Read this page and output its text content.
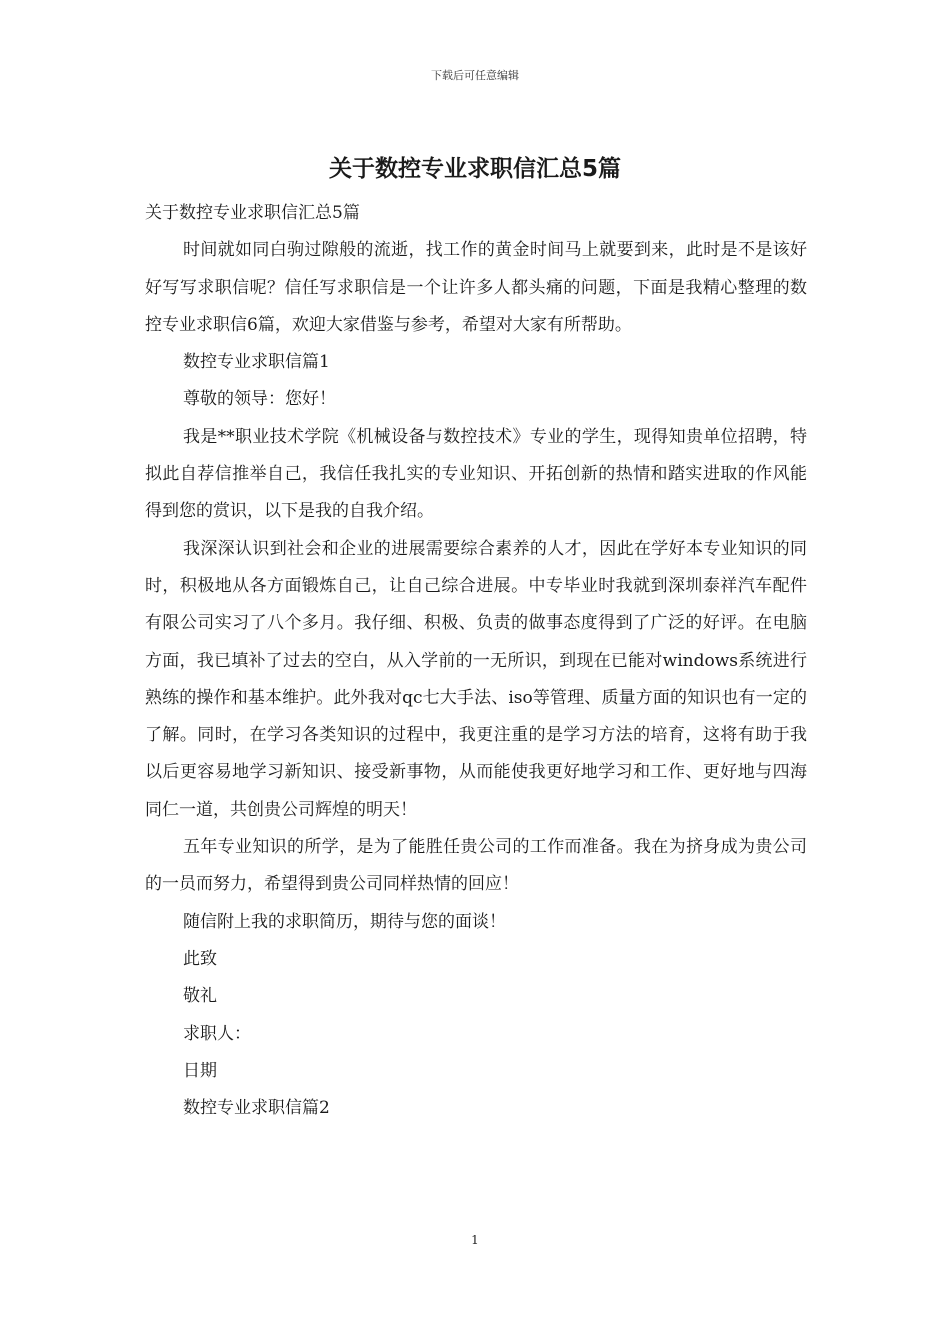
下载后可任意编辑
关于数控专业求职信汇总5篇

关于数控专业求职信汇总5篇

时间就如同白驹过隙般的流逝，找工作的黄金时间马上就要到来，此时是不是该好好写写求职信呢？信任写求职信是一个让许多人都头痛的问题，下面是我精心整理的数控专业求职信6篇，欢迎大家借鉴与参考，希望对大家有所帮助。

数控专业求职信篇1

尊敬的领导：您好！

我是**职业技术学院《机械设备与数控技术》专业的学生，现得知贵单位招聘，特拟此自荐信推举自己，我信任我扎实的专业知识、开拓创新的热情和踏实进取的作风能得到您的赏识，以下是我的自我介绍。

我深深认识到社会和企业的进展需要综合素养的人才，因此在学好本专业知识的同时，积极地从各方面锻炼自己，让自己综合进展。中专毕业时我就到深圳泰祥汽车配件有限公司实习了八个多月。我仔细、积极、负责的做事态度得到了广泛的好评。在电脑方面，我已填补了过去的空白，从入学前的一无所识，到现在已能对windows系统进行熟练的操作和基本维护。此外我对qc七大手法、iso等管理、质量方面的知识也有一定的了解。同时，在学习各类知识的过程中，我更注重的是学习方法的培育，这将有助于我以后更容易地学习新知识、接受新事物，从而能使我更好地学习和工作、更好地与四海同仁一道，共创贵公司辉煌的明天！

五年专业知识的所学，是为了能胜任贵公司的工作而准备。我在为挤身成为贵公司的一员而努力，希望得到贵公司同样热情的回应！

随信附上我的求职简历，期待与您的面谈！

此致

敬礼

求职人：

日期

数控专业求职信篇2

1
